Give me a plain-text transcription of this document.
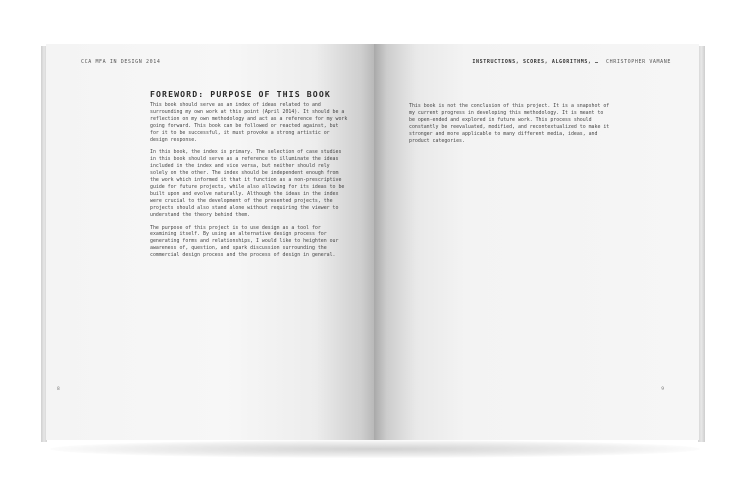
CCA MFA IN DESIGN 2014
FOREWORD: PURPOSE OF THIS BOOK

This book should serve as an index of ideas related to and surrounding my own work at this point (April 2014). It should be a reflection on my own methodology and act as a reference for my work going forward. This book can be followed or reacted against, but for it to be successful, it must provoke a strong artistic or design response.

In this book, the index is primary. The selection of case studies in this book should serve as a reference to illuminate the ideas included in the index and vice versa, but neither should rely solely on the other. The index should be independent enough from the work which informed it that it function as a non-prescriptive guide for future projects, while also allowing for its ideas to be built upon and evolve naturally. Although the ideas in the index were crucial to the development of the presented projects, the projects should also stand alone without requiring the viewer to understand the theory behind them.

The purpose of this project is to use design as a tool for examining itself. By using an alternative design process for generating forms and relationships, I would like to heighten our awareness of, question, and spark discussion surrounding the commercial design process and the process of design in general.

8
INSTRUCTIONS, SCORES, ALGORITHMS, … CHRISTOPHER VAMANE

This book is not the conclusion of this project. It is a snapshot of my current progress in developing this methodology. It is meant to be open-ended and explored in future work. This process should constantly be reevaluated, modified, and recontextualized to make it stronger and more applicable to many different media, ideas, and product categories.

9
